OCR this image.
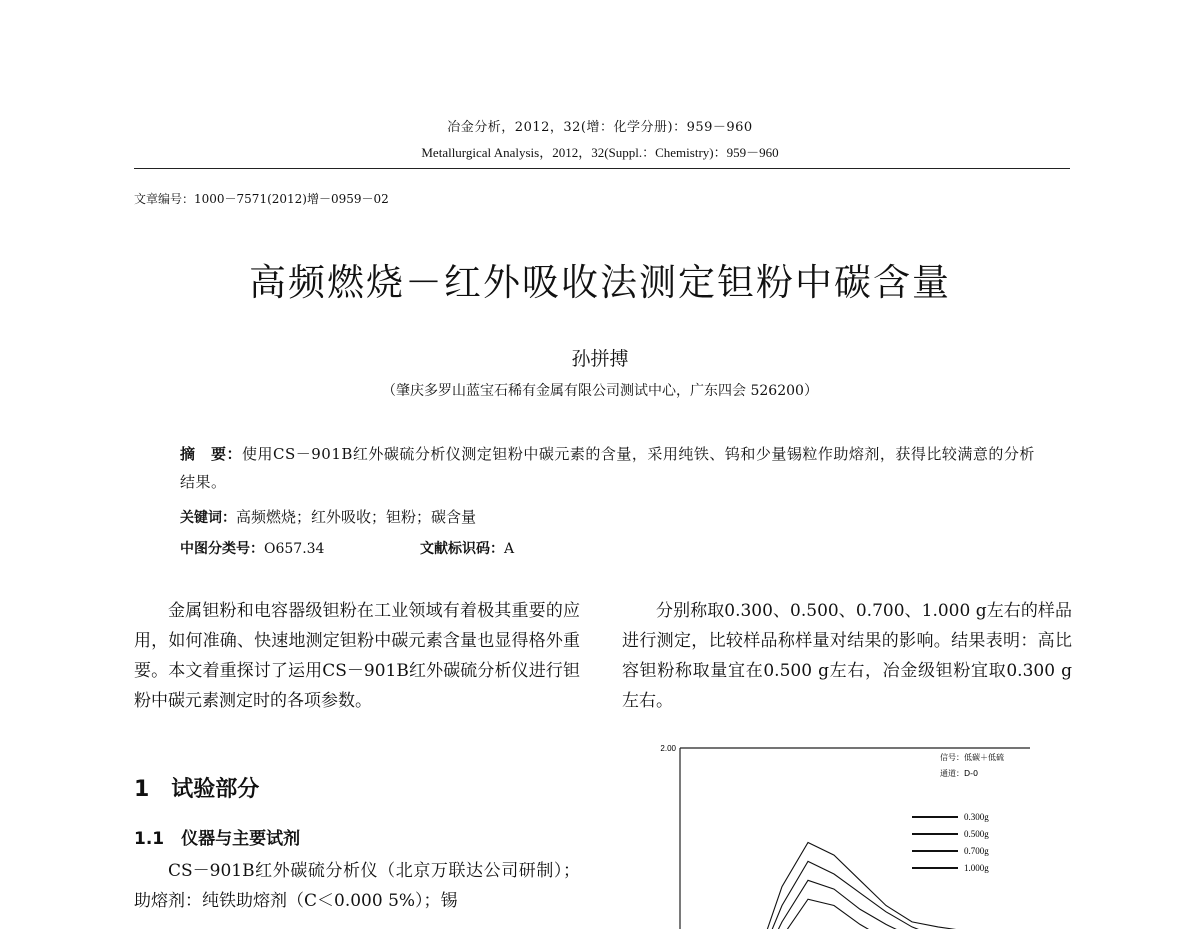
冶金分析，2012，32(增：化学分册)：959－960
Metallurgical Analysis，2012，32(Suppl.：Chemistry)：959－960
文章编号：1000－7571(2012)增－0959－02
高频燃烧－红外吸收法测定钽粉中碳含量
孙拼搏
（肇庆多罗山蓝宝石稀有金属有限公司测试中心，广东四会 526200）
摘　要：使用CS－901B红外碳硫分析仪测定钽粉中碳元素的含量，采用纯铁、钨和少量锡粒作助熔剂，获得比较满意的分析结果。
关键词：高频燃烧；红外吸收；钽粉；碳含量
中图分类号：O657.34	文献标识码：A

金属钽粉和电容器级钽粉在工业领域有着极其重要的应用，如何准确、快速地测定钽粉中碳元素含量也显得格外重要。本文着重探讨了运用CS－901B红外碳硫分析仪进行钽粉中碳元素测定时的各项参数。

1　试验部分
1.1　仪器与主要试剂

CS－901B红外碳硫分析仪（北京万联达公司研制）；助熔剂：纯铁助熔剂（C＜0.000 5%）；锡

分别称取0.300、0.500、0.700、1.000 g左右的样品进行测定，比较样品称样量对结果的影响。结果表明：高比容钽粉称取量宜在0.500 g左右，冶金级钽粉宜取0.300 g左右。

2.00
信号：低碳＋低硫
通道：D-0
0.300g
0.500g
0.700g
1.000g
